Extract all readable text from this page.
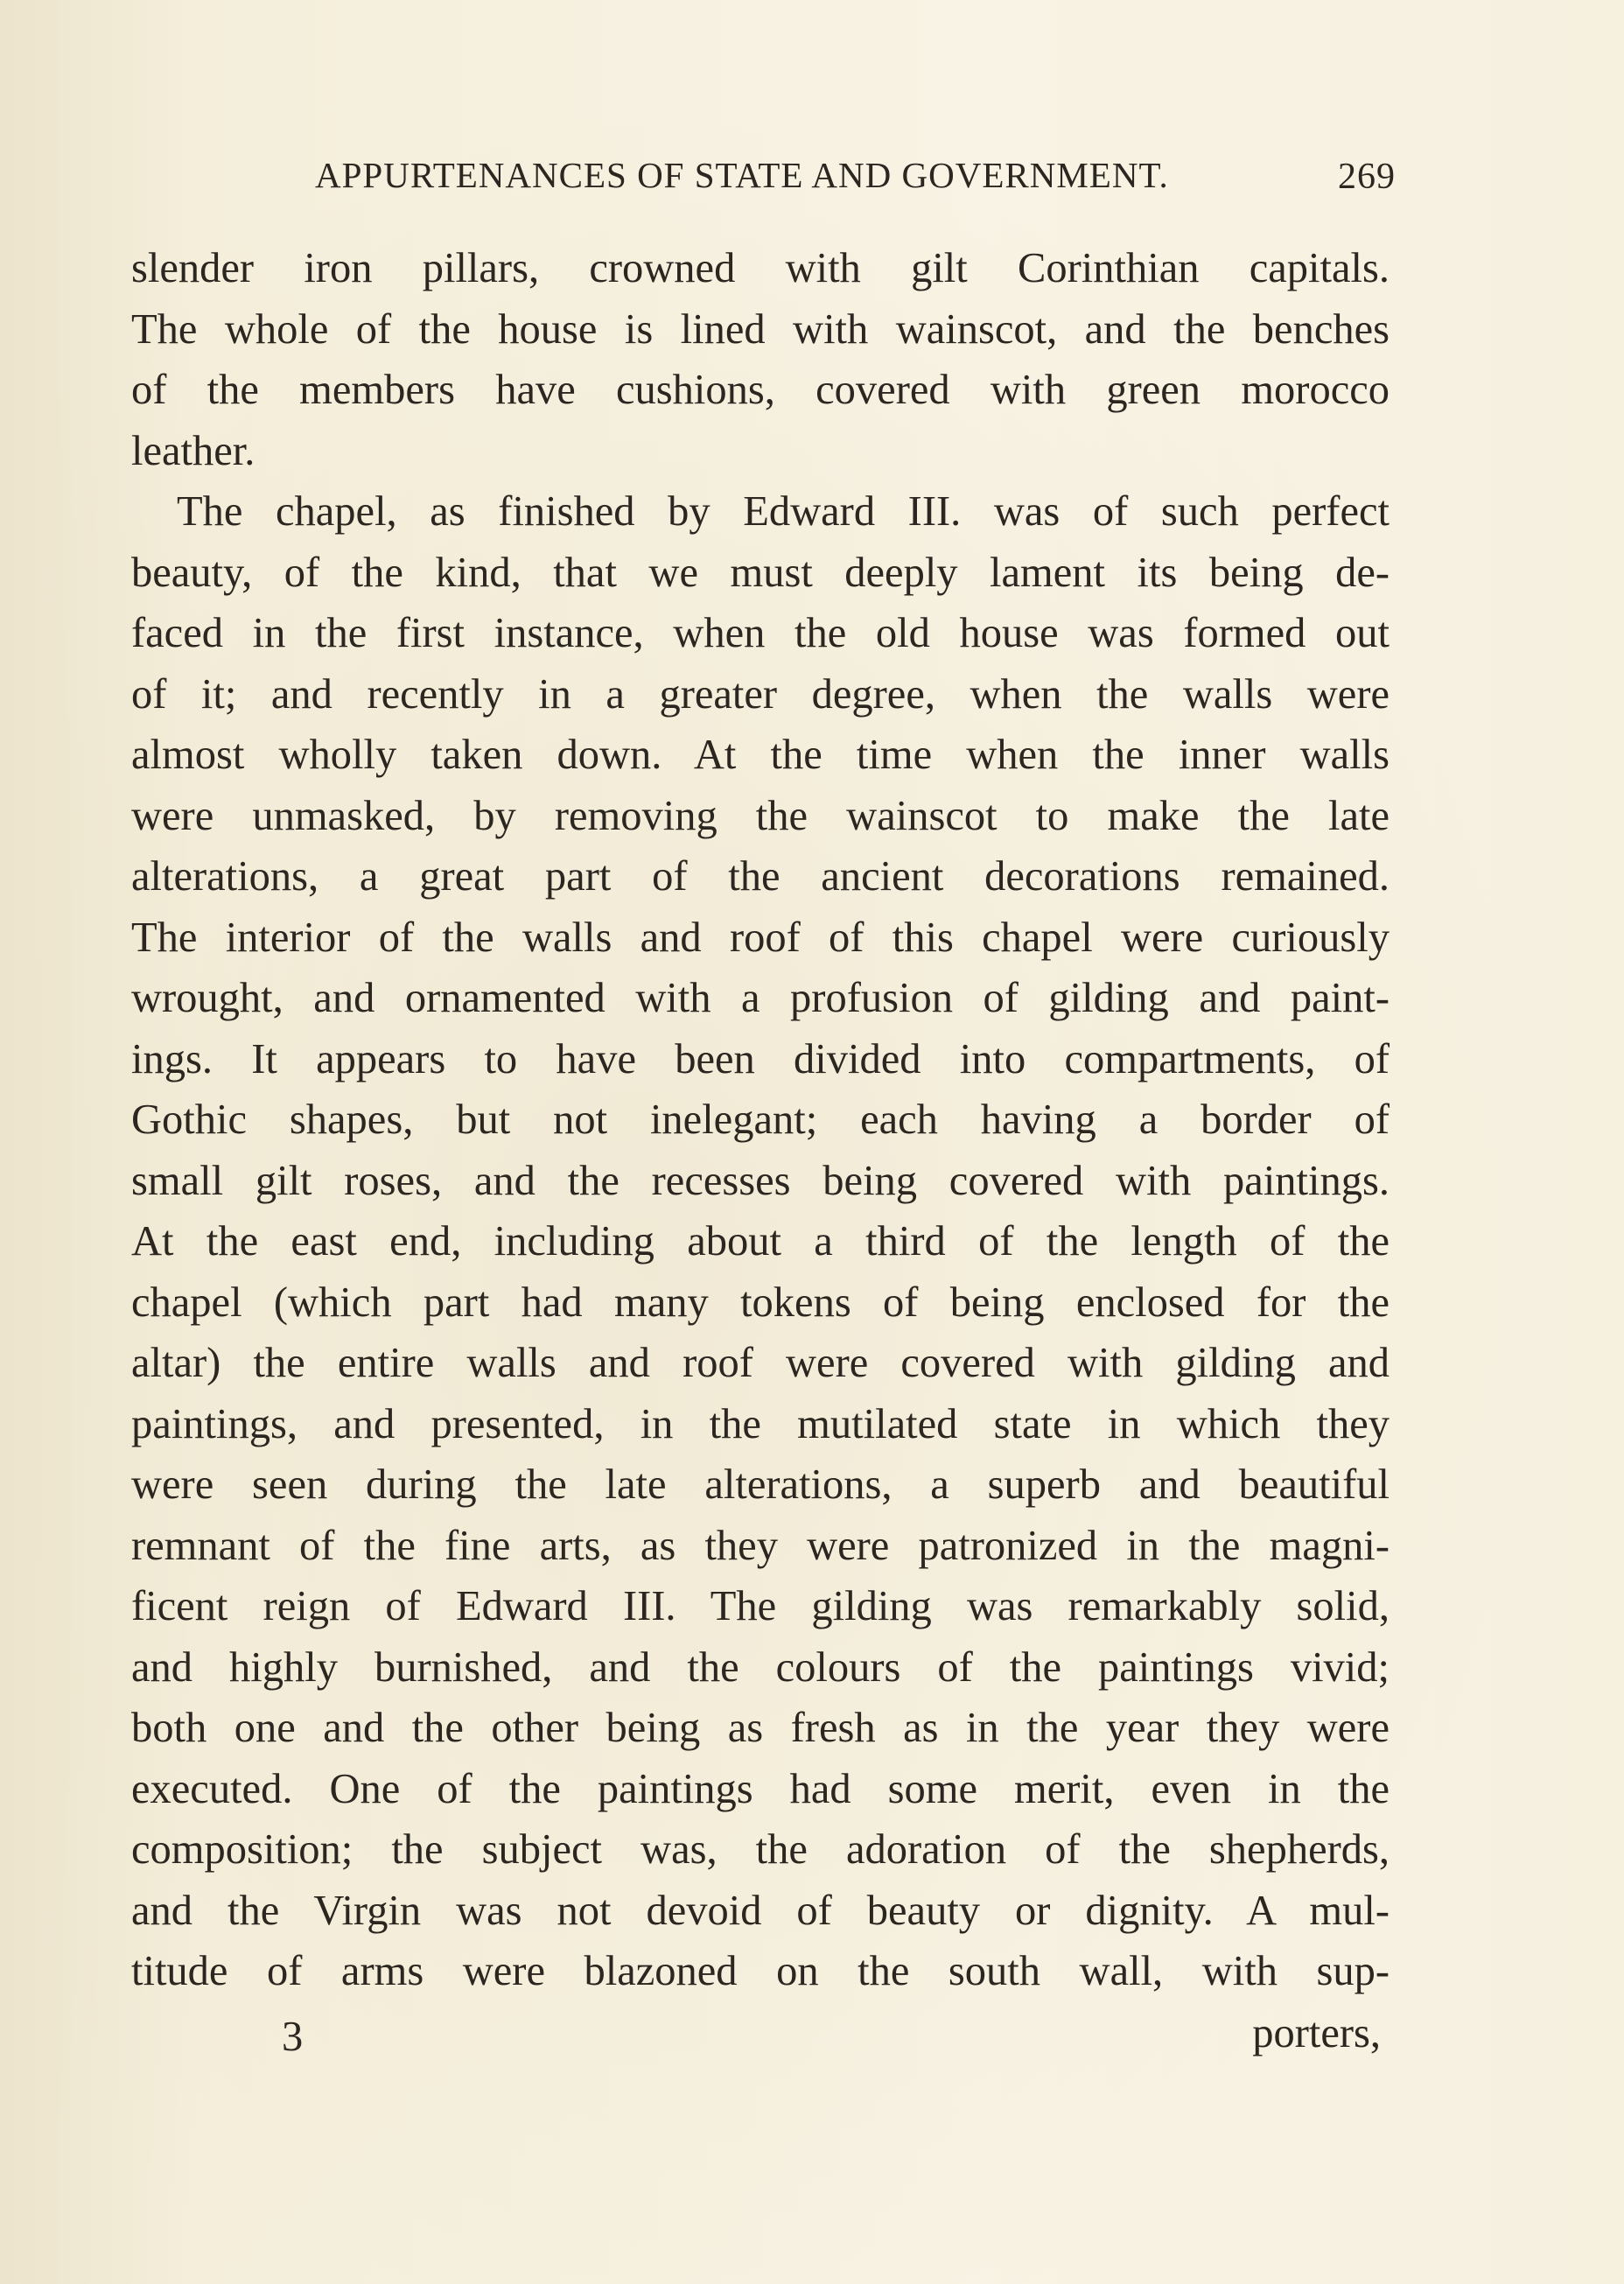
APPURTENANCES OF STATE AND GOVERNMENT.	269
slender iron pillars, crowned with gilt Corinthian capitals.
The whole of the house is lined with wainscot, and the benches
of the members have cushions, covered with green morocco
leather.
The chapel, as finished by Edward III. was of such perfect
beauty, of the kind, that we must deeply lament its being de-
faced in the first instance, when the old house was formed out
of it; and recently in a greater degree, when the walls were
almost wholly taken down. At the time when the inner walls
were unmasked, by removing the wainscot to make the late
alterations, a great part of the ancient decorations remained.
The interior of the walls and roof of this chapel were curiously
wrought, and ornamented with a profusion of gilding and paint-
ings. It appears to have been divided into compartments, of
Gothic shapes, but not inelegant; each having a border of
small gilt roses, and the recesses being covered with paintings.
At the east end, including about a third of the length of the
chapel (which part had many tokens of being enclosed for the
altar) the entire walls and roof were covered with gilding and
paintings, and presented, in the mutilated state in which they
were seen during the late alterations, a superb and beautiful
remnant of the fine arts, as they were patronized in the magni-
ficent reign of Edward III. The gilding was remarkably solid,
and highly burnished, and the colours of the paintings vivid;
both one and the other being as fresh as in the year they were
executed. One of the paintings had some merit, even in the
composition; the subject was, the adoration of the shepherds,
and the Virgin was not devoid of beauty or dignity. A mul-
titude of arms were blazoned on the south wall, with sup-
3	porters,
